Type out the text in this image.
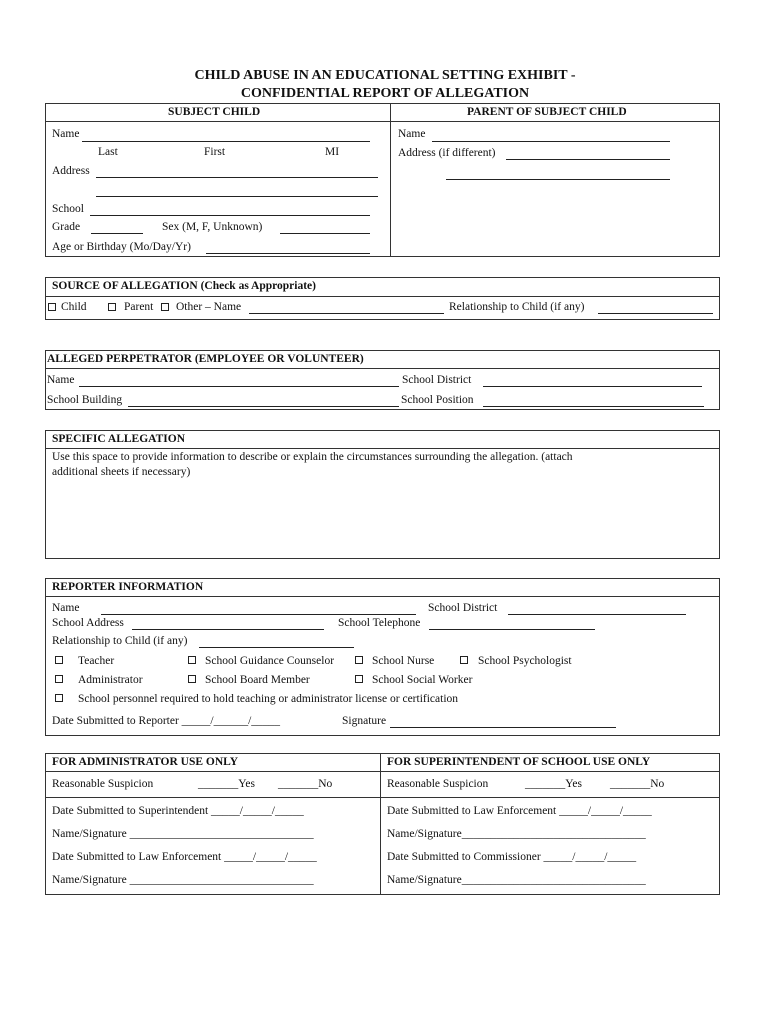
CHILD ABUSE IN AN EDUCATIONAL SETTING EXHIBIT -
CONFIDENTIAL REPORT OF ALLEGATION
SUBJECT CHILD	PARENT OF SUBJECT CHILD
Name
Last	First	MI
Address
School
Grade	Sex (M, F, Unknown)
Age or Birthday (Mo/Day/Yr)
Name
Address (if different)
SOURCE OF ALLEGATION (Check as Appropriate)
Child	Parent Other – Name	Relationship to Child (if any)
ALLEGED PERPETRATOR (EMPLOYEE OR VOLUNTEER)
Name	School District
School Building	School Position
SPECIFIC ALLEGATION
Use this space to provide information to describe or explain the circumstances surrounding the allegation. (attach
additional sheets if necessary)
REPORTER INFORMATION
Name	School District
School Address	School Telephone
Relationship to Child (if any)
Teacher	School Guidance Counselor	School Nurse	School Psychologist
Administrator	School Board Member	School Social Worker
School personnel required to hold teaching or administrator license or certification
Date Submitted to Reporter _____/______/_____	Signature
FOR ADMINISTRATOR USE ONLY
Reasonable Suspicion	_______Yes _______No
Date Submitted to Superintendent _____/_____/_____
Name/Signature ________________________________
Date Submitted to Law Enforcement _____/_____/_____
Name/Signature ________________________________
FOR SUPERINTENDENT OF SCHOOL USE ONLY
Reasonable Suspicion	_______Yes _______No
Date Submitted to Law Enforcement _____/_____/_____
Name/Signature________________________________
Date Submitted to Commissioner _____/_____/_____
Name/Signature________________________________
